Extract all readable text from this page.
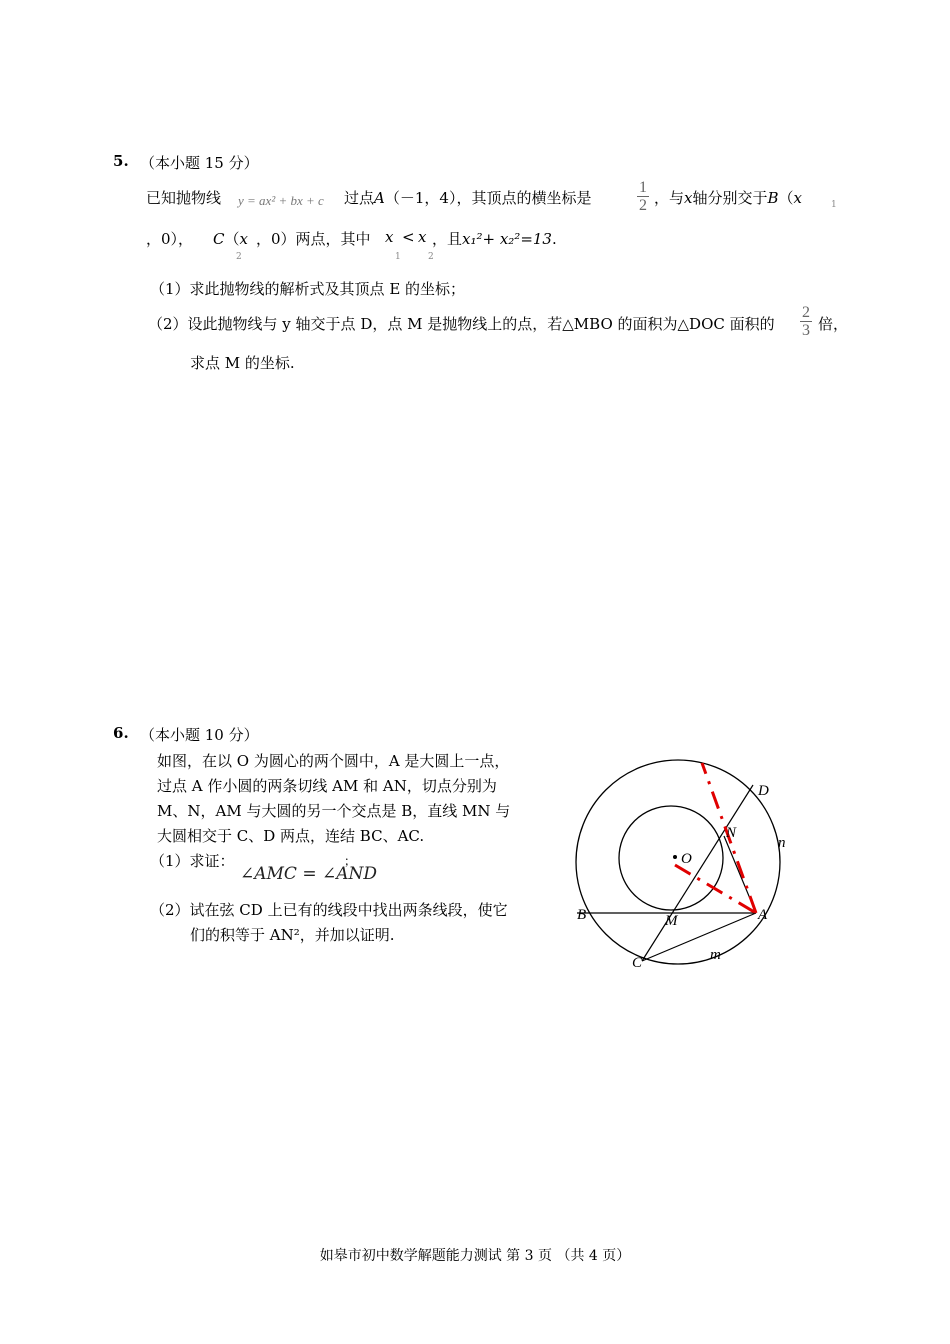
5. （本小题 15 分）
已知抛物线 y = ax² + bx + c 过点A（－1，4），其顶点的横坐标是
1
2 ，与x轴分别交于B（x	1
，0）， C（x
2
，0）两点，其中 x
1
< x
2
，且x₁²+ x₂²=13.
（1）求此抛物线的解析式及其顶点 E 的坐标；
（2）设此抛物线与 y 轴交于点 D，点 M 是抛物线上的点，若△MBO 的面积为△DOC 面积的
2
3 倍，
求点 M 的坐标.
6. （本小题 10 分）
如图，在以 O 为圆心的两个圆中，A 是大圆上一点，
过点 A 作小圆的两条切线 AM 和 AN，切点分别为
M、N，AM 与大圆的另一个交点是 B，直线 MN 与
大圆相交于 C、D 两点，连结 BC、AC.
（1）求证：
∠AMC = ∠AND
；
（2）试在弦 CD 上已有的线段中找出两条线段，使它
们的积等于 AN²，并加以证明.
D
N
n
O
B	M	A
C	m
如皋市初中数学解题能力测试 第 3 页 （共 4 页）
